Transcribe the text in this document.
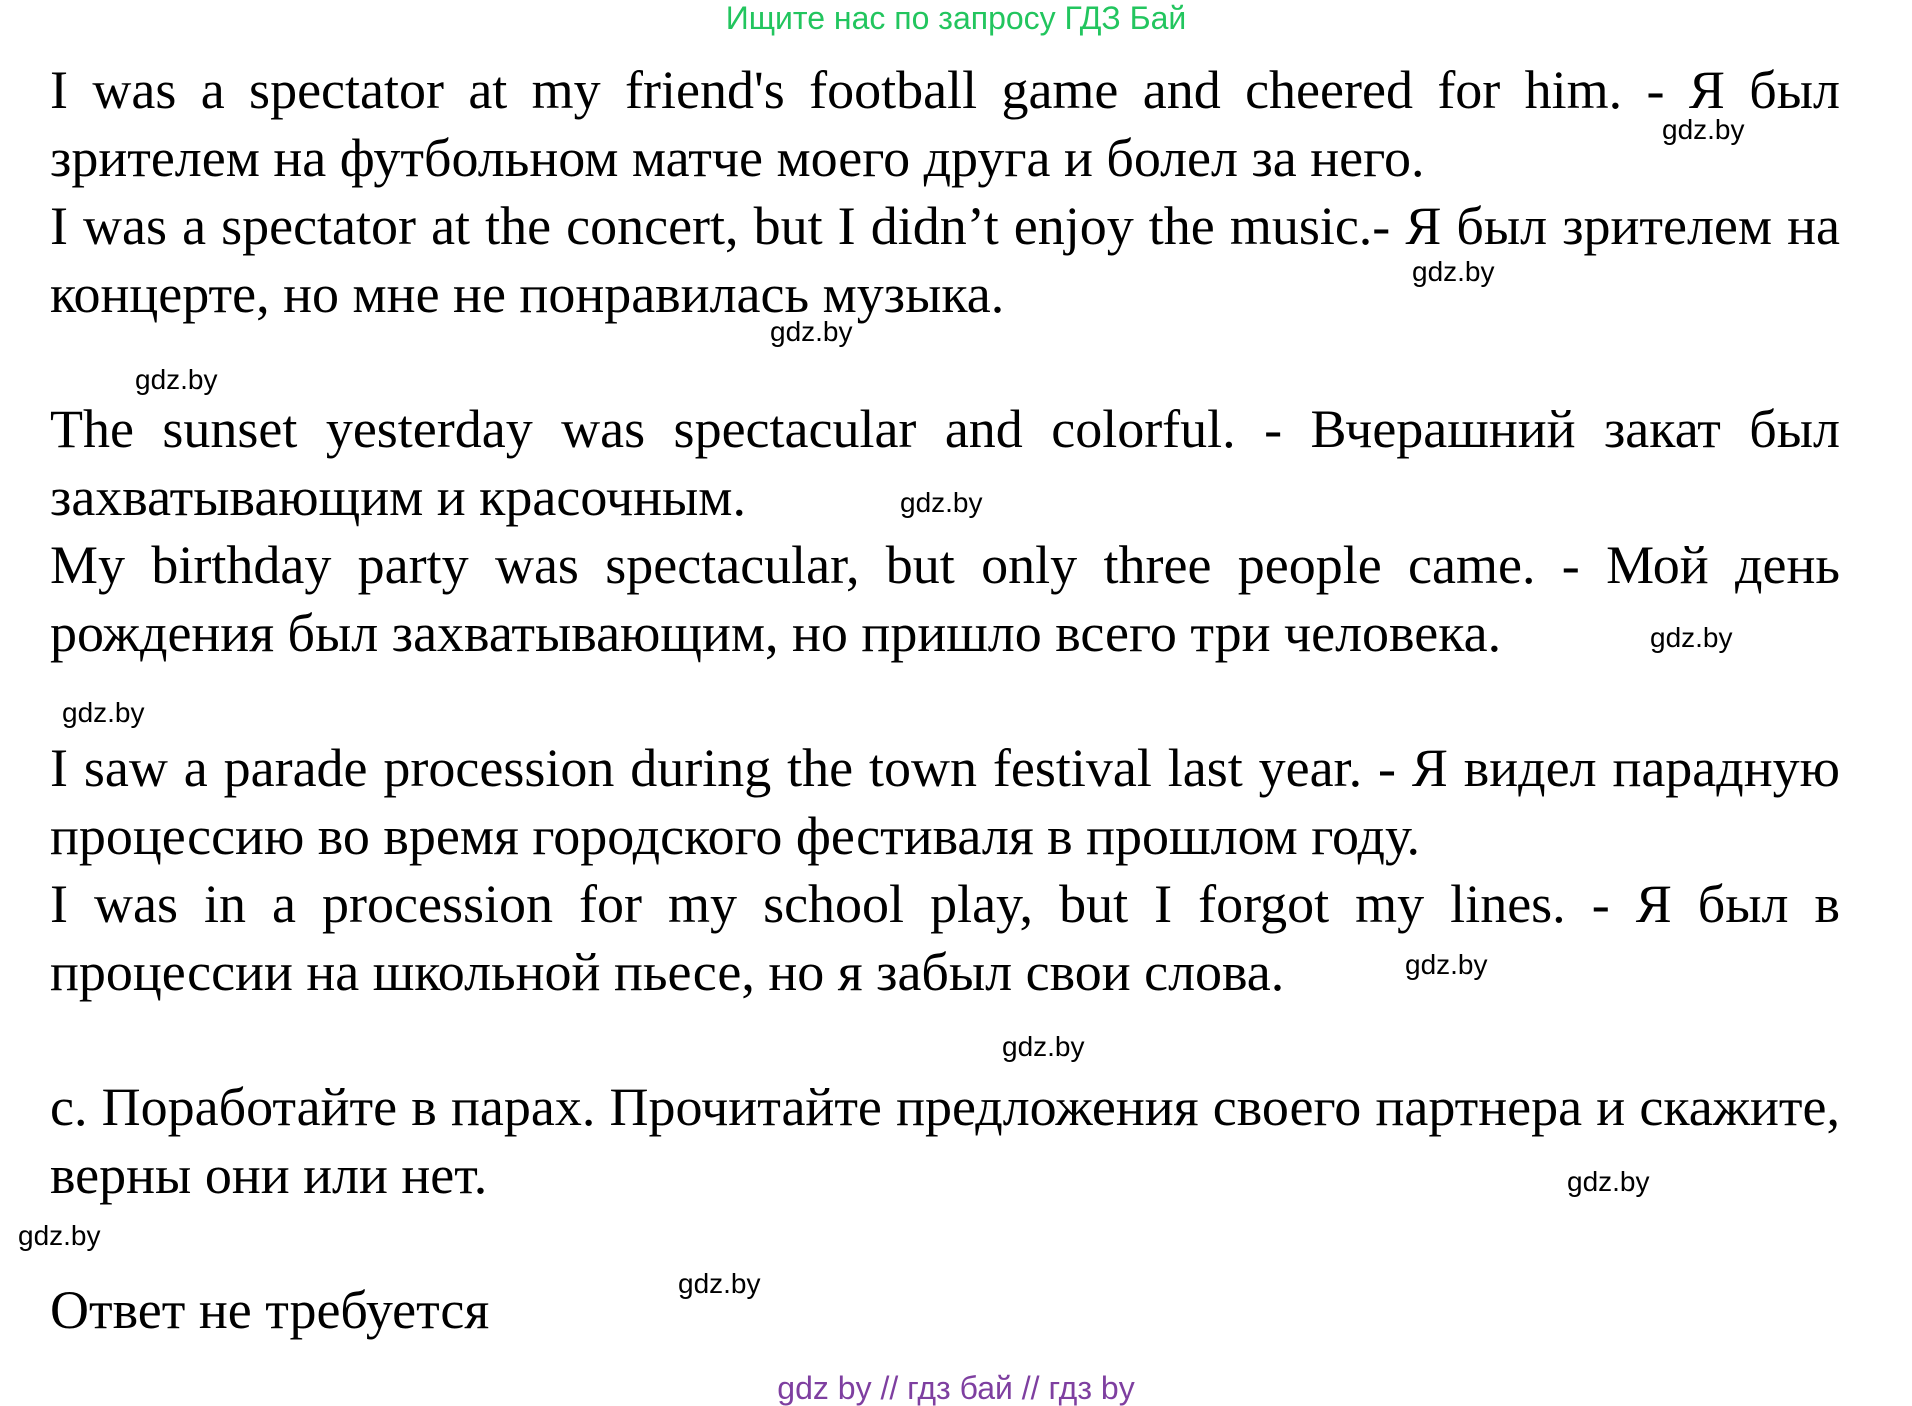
Ищите нас по запросу ГДЗ Бай

I was a spectator at my friend's football game and cheered for him. - Я был зрителем на футбольном матче моего друга и болел за него.

I was a spectator at the concert, but I didn’t enjoy the music.- Я был зрителем на концерте, но мне не понравилась музыка.

The sunset yesterday was spectacular and colorful. - Вчерашний закат был захватывающим и красочным.

My birthday party was spectacular, but only three people came. - Мой день рождения был захватывающим, но пришло всего три человека.

I saw a parade procession during the town festival last year. - Я видел парадную процессию во время городского фестиваля в прошлом году.

I was in a procession for my school play, but I forgot my lines. - Я был в процессии на школьной пьесе, но я забыл свои слова.

c. Поработайте в парах. Прочитайте предложения своего партнера и скажите, верны они или нет.

Ответ не требуется

gdz.by
gdz.by
gdz.by
gdz.by
gdz.by
gdz.by
gdz.by
gdz.by
gdz.by
gdz.by
gdz.by
gdz.by
gdz by // гдз бай // гдз by
